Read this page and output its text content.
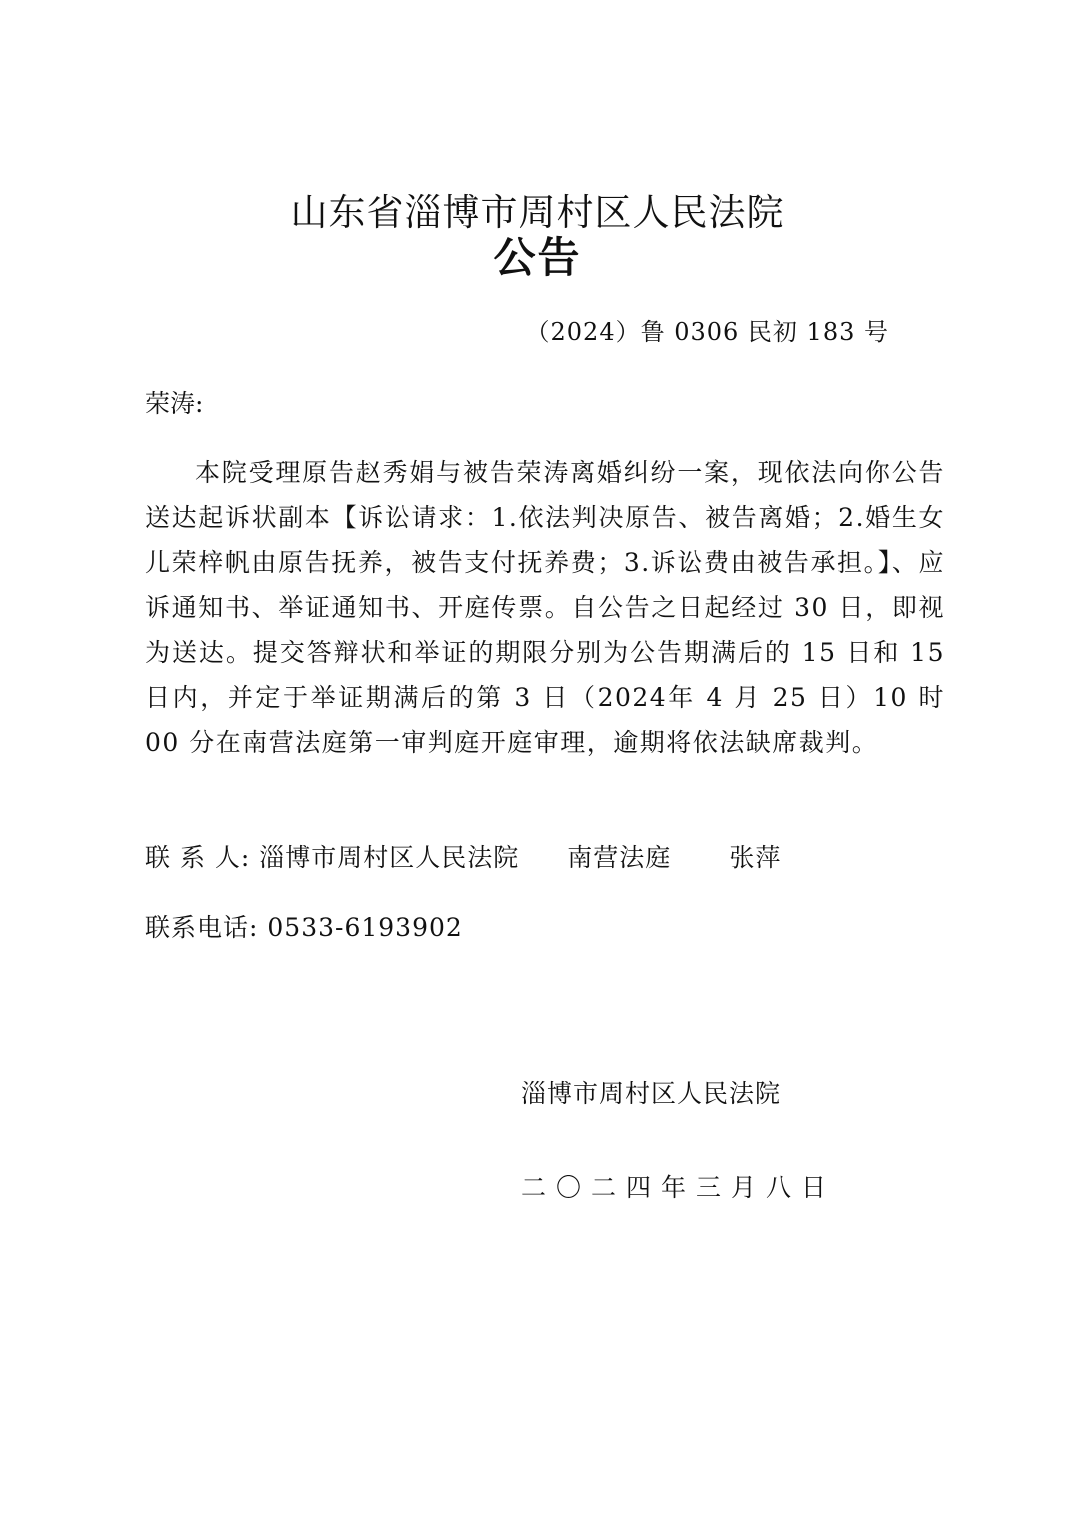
山东省淄博市周村区人民法院
公告
（2024）鲁 0306 民初 183 号
荣涛:

本院受理原告赵秀娟与被告荣涛离婚纠纷一案，现依法向你公告送达起诉状副本【诉讼请求：1.依法判决原告、被告离婚；2.婚生女儿荣梓帆由原告抚养，被告支付抚养费；3.诉讼费由被告承担。】、应诉通知书、举证通知书、开庭传票。自公告之日起经过 30 日，即视为送达。提交答辩状和举证的期限分别为公告期满后的 15 日和 15 日内，并定于举证期满后的第 3 日（2024年 4 月 25 日）10 时 00 分在南营法庭第一审判庭开庭审理，逾期将依法缺席裁判。

联 系 人: 淄博市周村区人民法院 南营法庭 张萍
联系电话: 0533-6193902
淄博市周村区人民法院
二〇二四年三月八日
